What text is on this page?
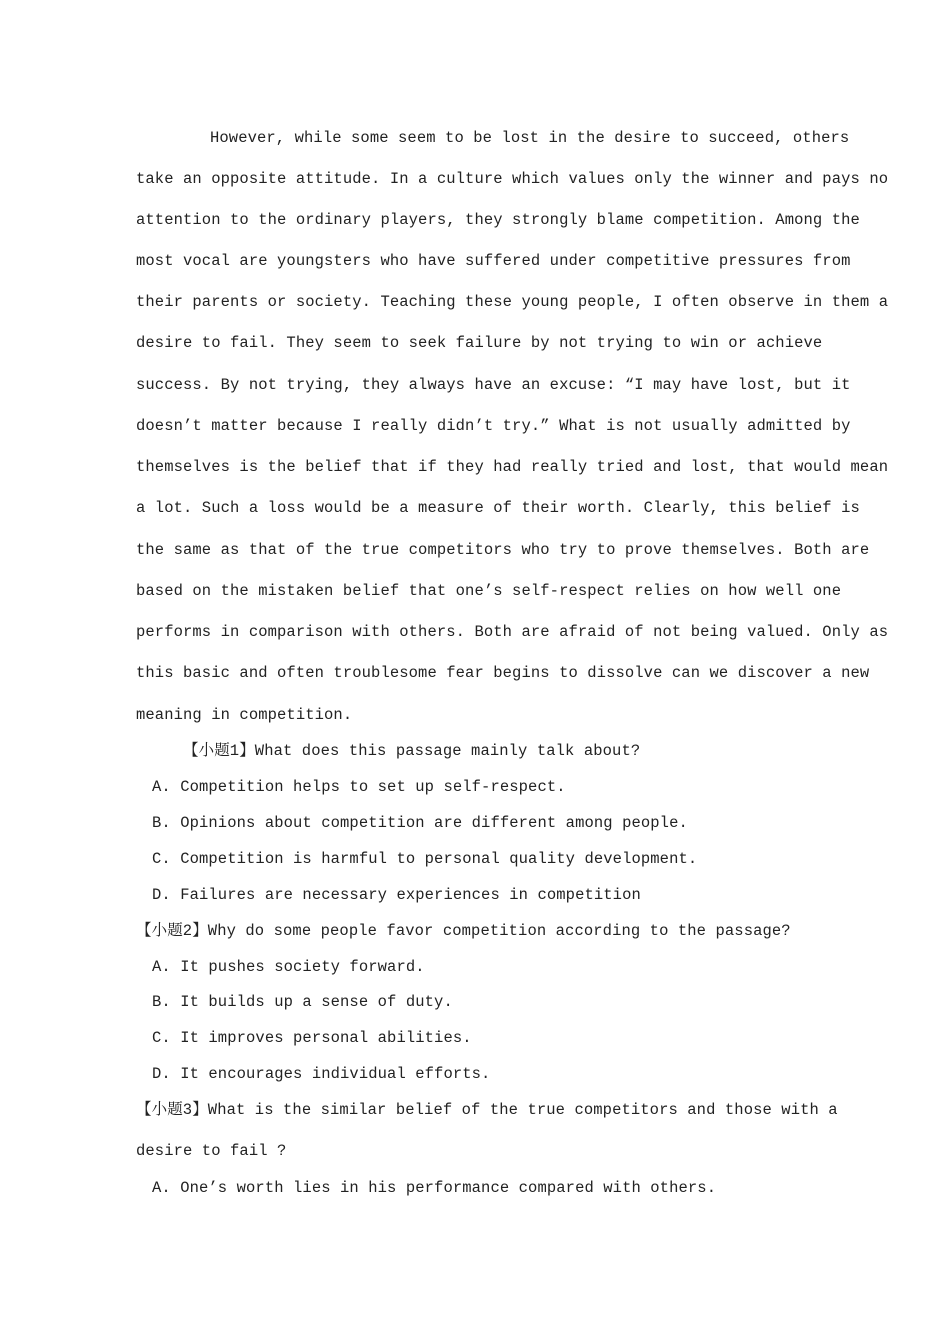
However, while some seem to be lost in the desire to succeed, others
take an opposite attitude. In a culture which values only the winner and pays no
attention to the ordinary players, they strongly blame competition. Among the
most vocal are youngsters who have suffered under competitive pressures from
their parents or society. Teaching these young people, I often observe in them a
desire to fail. They seem to seek failure by not trying to win or achieve
success. By not trying, they always have an excuse: “I may have lost, but it
doesn’t matter because I really didn’t try.” What is not usually admitted by
themselves is the belief that if they had really tried and lost, that would mean
a lot. Such a loss would be a measure of their worth. Clearly, this belief is
the same as that of the true competitors who try to prove themselves. Both are
based on the mistaken belief that one’s self-respect relies on how well one
performs in comparison with others. Both are afraid of not being valued. Only as
this basic and often troublesome fear begins to dissolve can we discover a new
meaning in competition.
【小题1】What does this passage mainly talk about?
A. Competition helps to set up self-respect.
B. Opinions about competition are different among people.
C. Competition is harmful to personal quality development.
D. Failures are necessary experiences in competition
【小题2】Why do some people favor competition according to the passage?
A. It pushes society forward.
B. It builds up a sense of duty.
C. It improves personal abilities.
D. It encourages individual efforts.
【小题3】What is the similar belief of the true competitors and those with a
desire to fail ?
A. One’s worth lies in his performance compared with others.
